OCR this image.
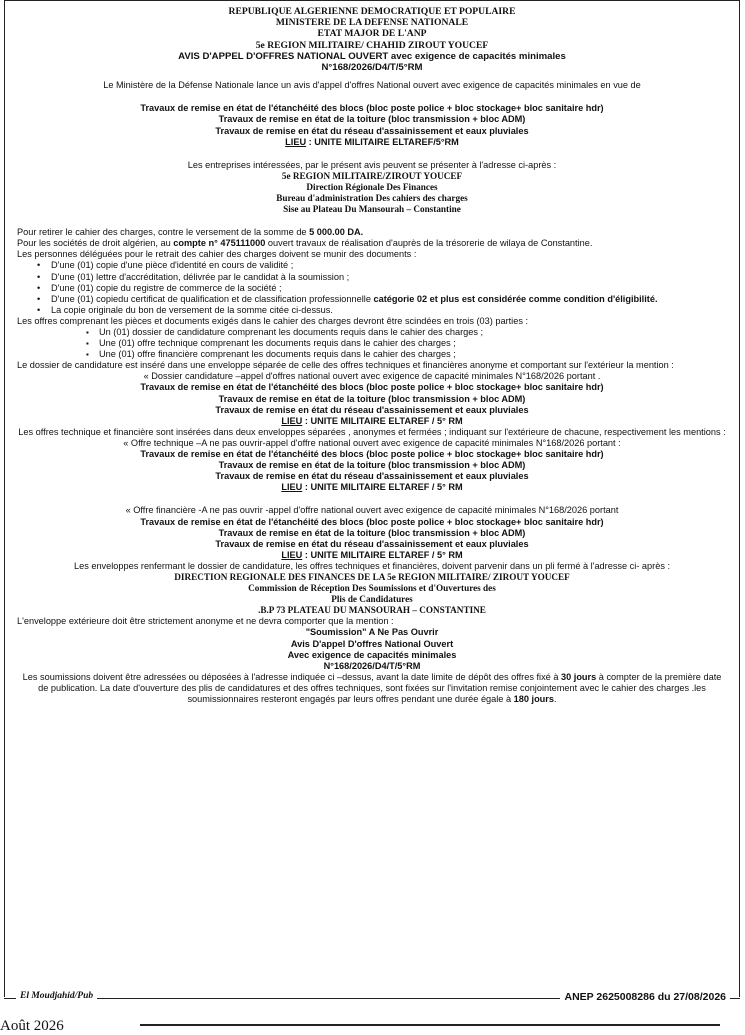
REPUBLIQUE ALGERIENNE DEMOCRATIQUE ET POPULAIRE
MINISTERE DE LA DEFENSE NATIONALE
ETAT MAJOR DE L'ANP
5e REGION MILITAIRE/ CHAHID ZIROUT YOUCEF
AVIS D'APPEL D'OFFRES NATIONAL OUVERT avec exigence de capacités minimales
N°168/2026/D4/T/5°RM
Le Ministère de la Défense Nationale lance un avis d'appel d'offres National ouvert avec exigence de capacités minimales en vue de
Travaux de remise en état de l'étanchéité des blocs (bloc poste police + bloc stockage+ bloc sanitaire hdr)
Travaux de remise en état de la toiture (bloc transmission + bloc ADM)
Travaux de remise en état du réseau d'assainissement et eaux pluviales
LIEU : UNITE MILITAIRE ELTAREF/5°RM
Les entreprises intéressées, par le présent avis peuvent se présenter à l'adresse ci-après :
5e REGION MILITAIRE/ZIROUT YOUCEF
Direction Régionale Des Finances
Bureau d'administration Des cahiers des charges
Sise au Plateau Du Mansourah – Constantine
Pour retirer le cahier des charges, contre le versement de la somme de 5 000.00 DA.
Pour les sociétés de droit algérien, au compte n° 475111000 ouvert travaux de réalisation d'auprès de la trésorerie de wilaya de Constantine.
Les personnes déléguées pour le retrait des cahier des charges doivent se munir des documents :
• D'une (01) copie d'une pièce d'identité en cours de validité ;
• D'une (01) lettre d'accréditation, délivrée par le candidat à la soumission ;
• D'une (01) copie du registre de commerce de la société ;
• D'une (01) copiedu certificat de qualification et de classification professionnelle catégorie 02 et plus est considérée comme condition d'éligibilité.
• La copie originale du bon de versement de la somme citée ci-dessus.
Les offres comprenant les pièces et documents exigés dans le cahier des charges devront être scindées en trois (03) parties :
▪ Un (01) dossier de candidature comprenant les documents requis dans le cahier des charges ;
▪ Une (01) offre technique comprenant les documents requis dans le cahier des charges ;
▪ Une (01) offre financière comprenant les documents requis dans le cahier des charges ;
Le dossier de candidature est inséré dans une enveloppe séparée de celle des offres techniques et financières anonyme et comportant sur l'extérieur la mention :
« Dossier candidature –appel d'offres national ouvert avec exigence de capacité minimales N°168/2026 portant .
Travaux de remise en état de l'étanchéité des blocs (bloc poste police + bloc stockage+ bloc sanitaire hdr)
Travaux de remise en état de la toiture (bloc transmission + bloc ADM)
Travaux de remise en état du réseau d'assainissement et eaux pluviales
LIEU : UNITE MILITAIRE ELTAREF / 5° RM
Les offres technique et financière sont insérées dans deux enveloppes séparées , anonymes et fermées ; indiquant sur l'extérieure de chacune, respectivement les mentions :
« Offre technique –A ne pas ouvrir-appel d'offre national ouvert avec exigence de capacité minimales N°168/2026 portant :
Travaux de remise en état de l'étanchéité des blocs (bloc poste police + bloc stockage+ bloc sanitaire hdr)
Travaux de remise en état de la toiture (bloc transmission + bloc ADM)
Travaux de remise en état du réseau d'assainissement et eaux pluviales
LIEU : UNITE MILITAIRE ELTAREF / 5° RM
« Offre financière -A ne pas ouvrir -appel d'offre national ouvert avec exigence de capacité minimales N°168/2026 portant
Travaux de remise en état de l'étanchéité des blocs (bloc poste police + bloc stockage+ bloc sanitaire hdr)
Travaux de remise en état de la toiture (bloc transmission + bloc ADM)
Travaux de remise en état du réseau d'assainissement et eaux pluviales
LIEU : UNITE MILITAIRE ELTAREF / 5° RM
Les enveloppes renfermant le dossier de candidature, les offres techniques et financières, doivent parvenir dans un pli fermé à l'adresse ci- après :
DIRECTION REGIONALE DES FINANCES DE LA 5e REGION MILITAIRE/ ZIROUT YOUCEF
Commission de Réception Des Soumissions et d'Ouvertures des
Plis de Candidatures
.B.P 73 PLATEAU DU MANSOURAH – CONSTANTINE
L'enveloppe extérieure doit être strictement anonyme et ne devra comporter que la mention :
"Soumission" A Ne Pas Ouvrir
Avis D'appel D'offres National Ouvert
Avec exigence de capacités minimales
N°168/2026/D4/T/5°RM
Les soumissions doivent être adressées ou déposées à l'adresse indiquée ci –dessus, avant la date limite de dépôt des offres fixé à 30 jours à compter de la première date de publication. La date d'ouverture des plis de candidatures et des offres techniques, sont fixées sur l'invitation remise conjointement avec le cahier des charges .les soumissionnaires resteront engagés par leurs offres pendant une durée égale à 180 jours.
El Moudjahid/Pub	ANEP 2625008286 du 27/08/2026
Août 2026
